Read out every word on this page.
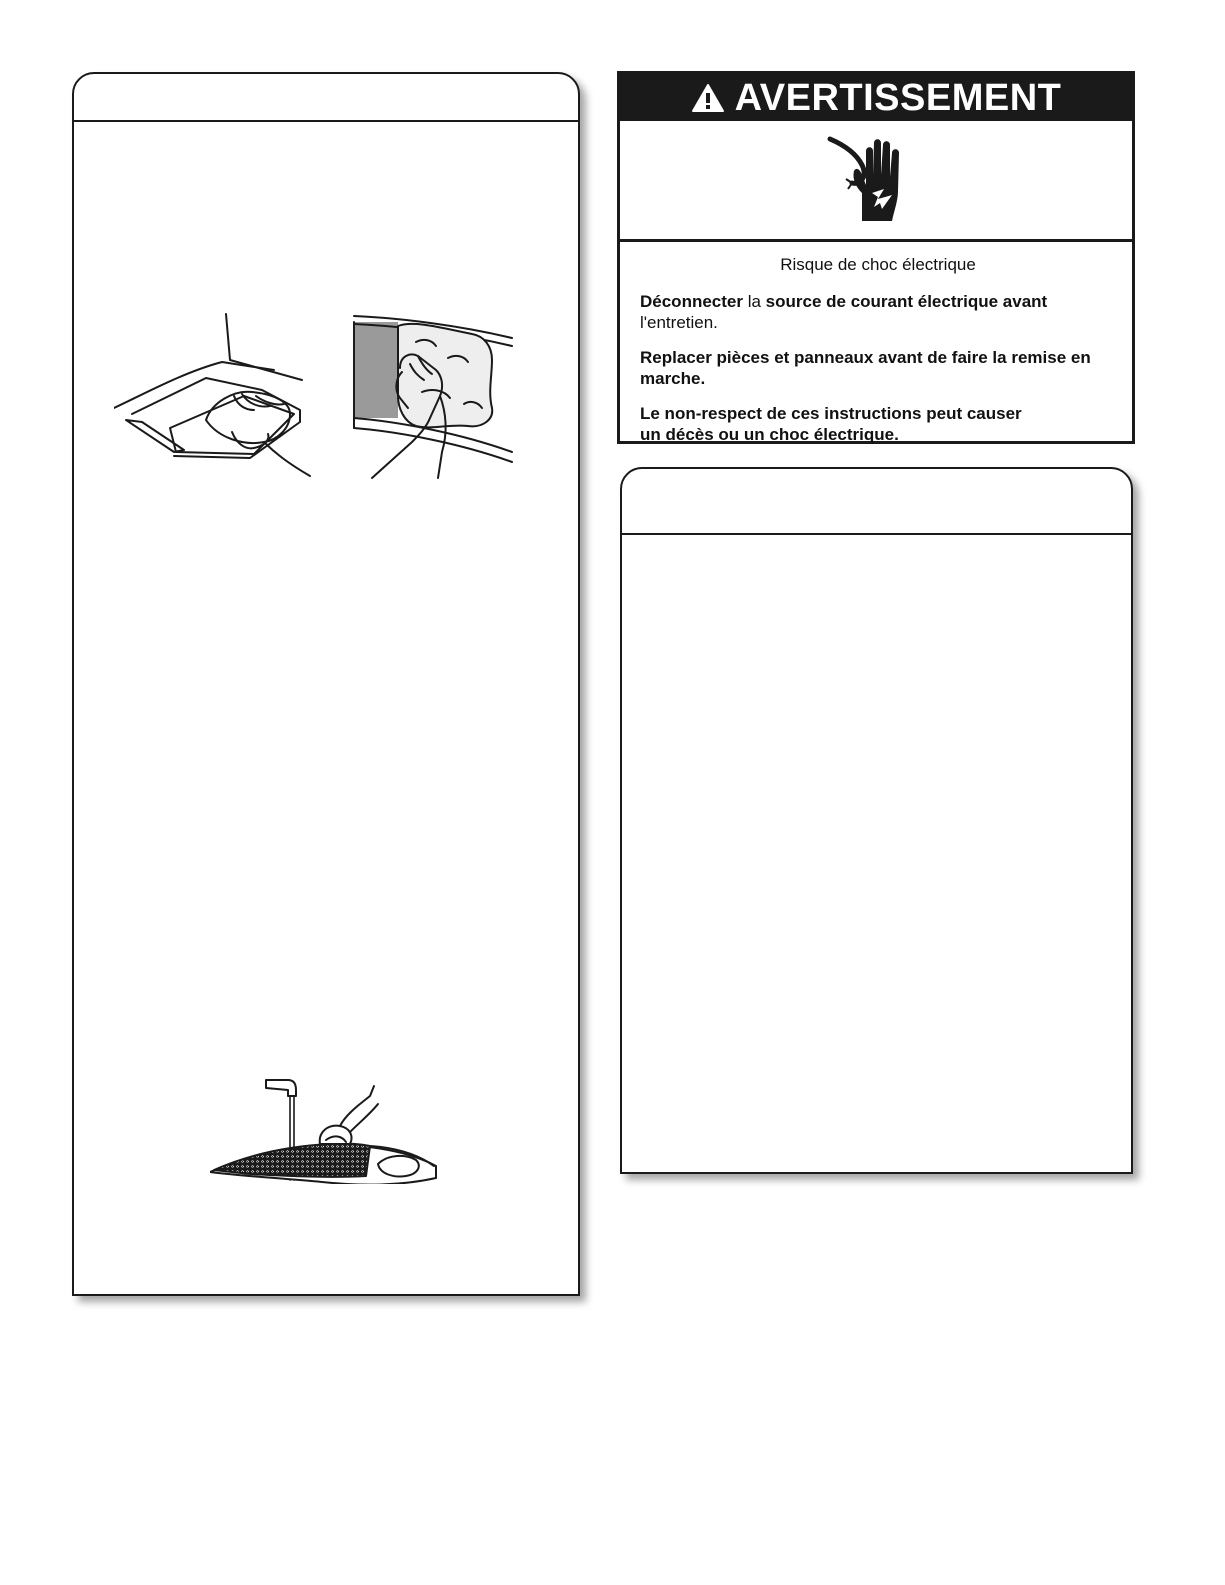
AVERTISSEMENT
Risque de choc électrique

Déconnecter la source de courant électrique avant
l'entretien.

Replacer pièces et panneaux avant de faire la remise en marche.

Le non-respect de ces instructions peut causer
un décès ou un choc électrique.
